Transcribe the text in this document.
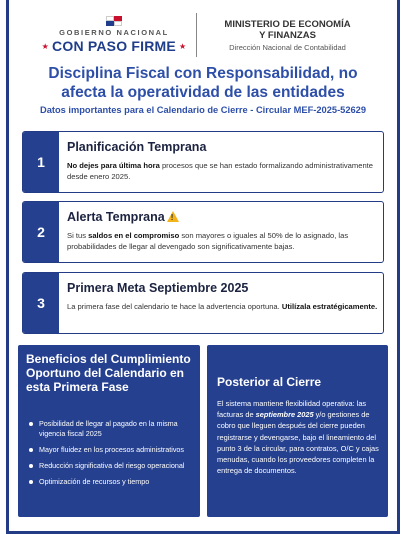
GOBIERNO NACIONAL
★ CON PASO FIRME ★
MINISTERIO DE ECONOMÍA
Y FINANZAS
Dirección Nacional de Contabilidad
Disciplina Fiscal con Responsabilidad, no
afecta la operatividad de las entidades
Datos importantes para el Calendario de Cierre - Circular MEF-2025-52629
1
Planificación Temprana
No dejes para última hora procesos que se han estado formalizando administrativamente desde enero 2025.
2
Alerta Temprana!
Si tus saldos en el compromiso son mayores o iguales al 50% de lo asignado, las probabilidades de llegar al devengado son significativamente bajas.
3
Primera Meta Septiembre 2025
La primera fase del calendario te hace la advertencia oportuna. Utilízala estratégicamente.
Beneficios del Cumplimiento Oportuno del Calendario en esta Primera Fase
Posibilidad de llegar al pagado en la misma vigencia fiscal 2025
Mayor fluidez en los procesos administrativos
Reducción significativa del riesgo operacional
Optimización de recursos y tiempo
Posterior al Cierre
El sistema mantiene flexibilidad operativa: las facturas de septiembre 2025 y/o gestiones de cobro que lleguen después del cierre pueden registrarse y devengarse, bajo el lineamiento del punto 3 de la circular, para contratos, O/C y cajas menudas, cuando los proveedores completen la entrega de documentos.
